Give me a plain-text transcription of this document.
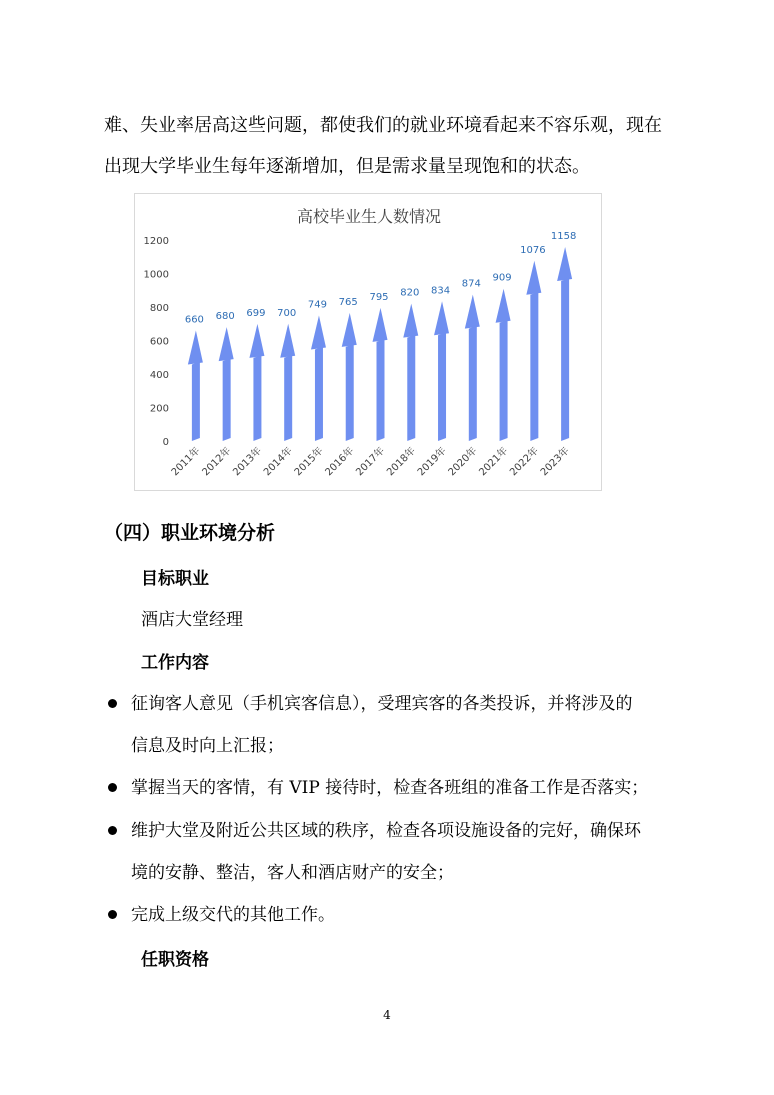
难、失业率居高这些问题，都使我们的就业环境看起来不容乐观，现在

出现大学毕业生每年逐渐增加，但是需求量呈现饱和的状态。

高校毕业生人数情况
0
200
400
600
800
1000
1200
660 680 699 700
749 765 795 820 834
874
909
1076
1158
2011年
2012年
2013年
2014年
2015年
2016年
2017年
2018年
2019年
2020年
2021年
2022年
2023年
（四）职业环境分析

目标职业

酒店大堂经理

工作内容

征询客人意见（手机宾客信息），受理宾客的各类投诉，并将涉及的

信息及时向上汇报；

掌握当天的客情，有 VIP 接待时，检查各班组的准备工作是否落实；

维护大堂及附近公共区域的秩序，检查各项设施设备的完好，确保环

境的安静、整洁，客人和酒店财产的安全；

完成上级交代的其他工作。

任职资格

4
